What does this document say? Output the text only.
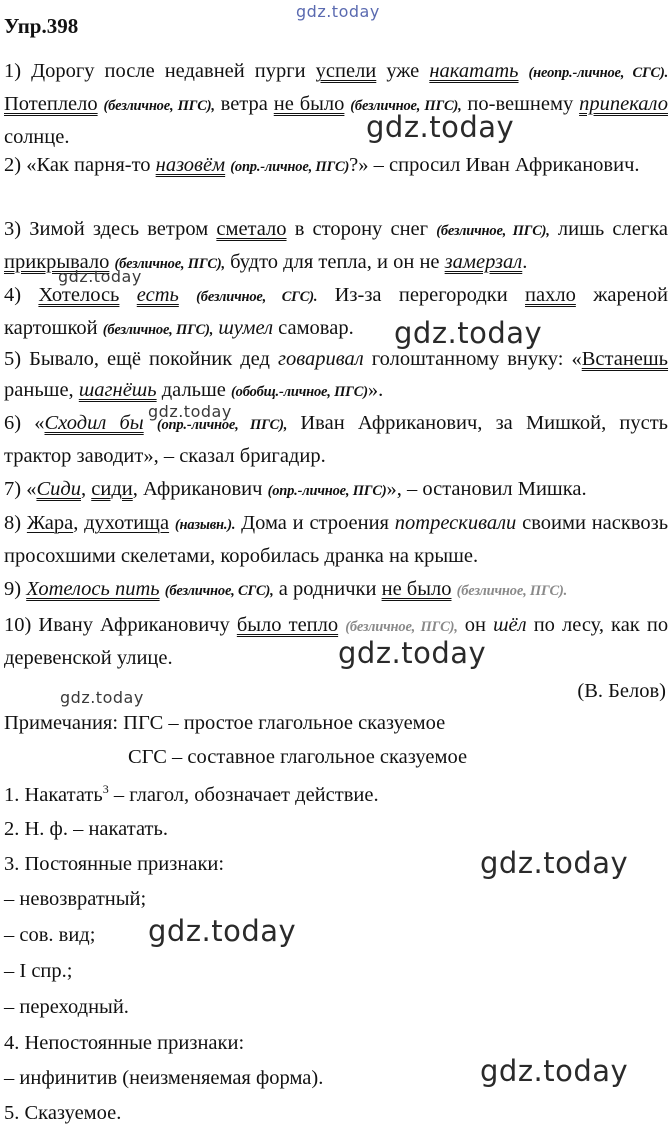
gdz.today
Упр.398
1) Дорогу после недавней пурги успели уже накатать (неопр.-личное, СГС). Потеплело (безличное, ПГС), ветра не было (безличное, ПГС), по-вешнему припекало солнце.	gdz.today
2) «Как парня-то назовём (опр.-личное, ПГС)?» – спросил Иван Африканович.
3) Зимой здесь ветром сметало в сторону снег (безличное, ПГС), лишь слегка прикрывало (безличное, ПГС), будто для тепла, и он не замерзал.
gdz.today
4) Хотелось есть (безличное, СГС). Из-за перегородки пахло жареной картошкой (безличное, ПГС), шумел самовар.	gdz.today
5) Бывало, ещё покойник дед говаривал голоштанному внуку: «Встанешь раньше, шагнёшь дальше (обобщ.-личное, ПГС)».
gdz.today
6) «Сходил бы (опр.-личное, ПГС), Иван Африканович, за Мишкой, пусть трактор заводит», – сказал бригадир.
7) «Сиди, сиди, Африканович (опр.-личное, ПГС)», – остановил Мишка.
8) Жара, духотища (назывн.). Дома и строения потрескивали своими насквозь просохшими скелетами, коробилась дранка на крыше.
9) Хотелось пить (безличное, СГС), а роднички не было (безличное, ПГС).
10) Ивану Африкановичу было тепло (безличное, ПГС), он шёл по лесу, как по деревенской улице.	gdz.today
(В. Белов)
gdz.today
Примечания: ПГС – простое глагольное сказуемое
СГС – составное глагольное сказуемое
1. Накатать$^3$ – глагол, обозначает действие.
2. Н. ф. – накатать.
3. Постоянные признаки:	gdz.today
– невозвратный;
– сов. вид; gdz.today
– I спр.;
– переходный.
4. Непостоянные признаки:
– инфинитив (неизменяемая форма).	gdz.today
5. Сказуемое.
